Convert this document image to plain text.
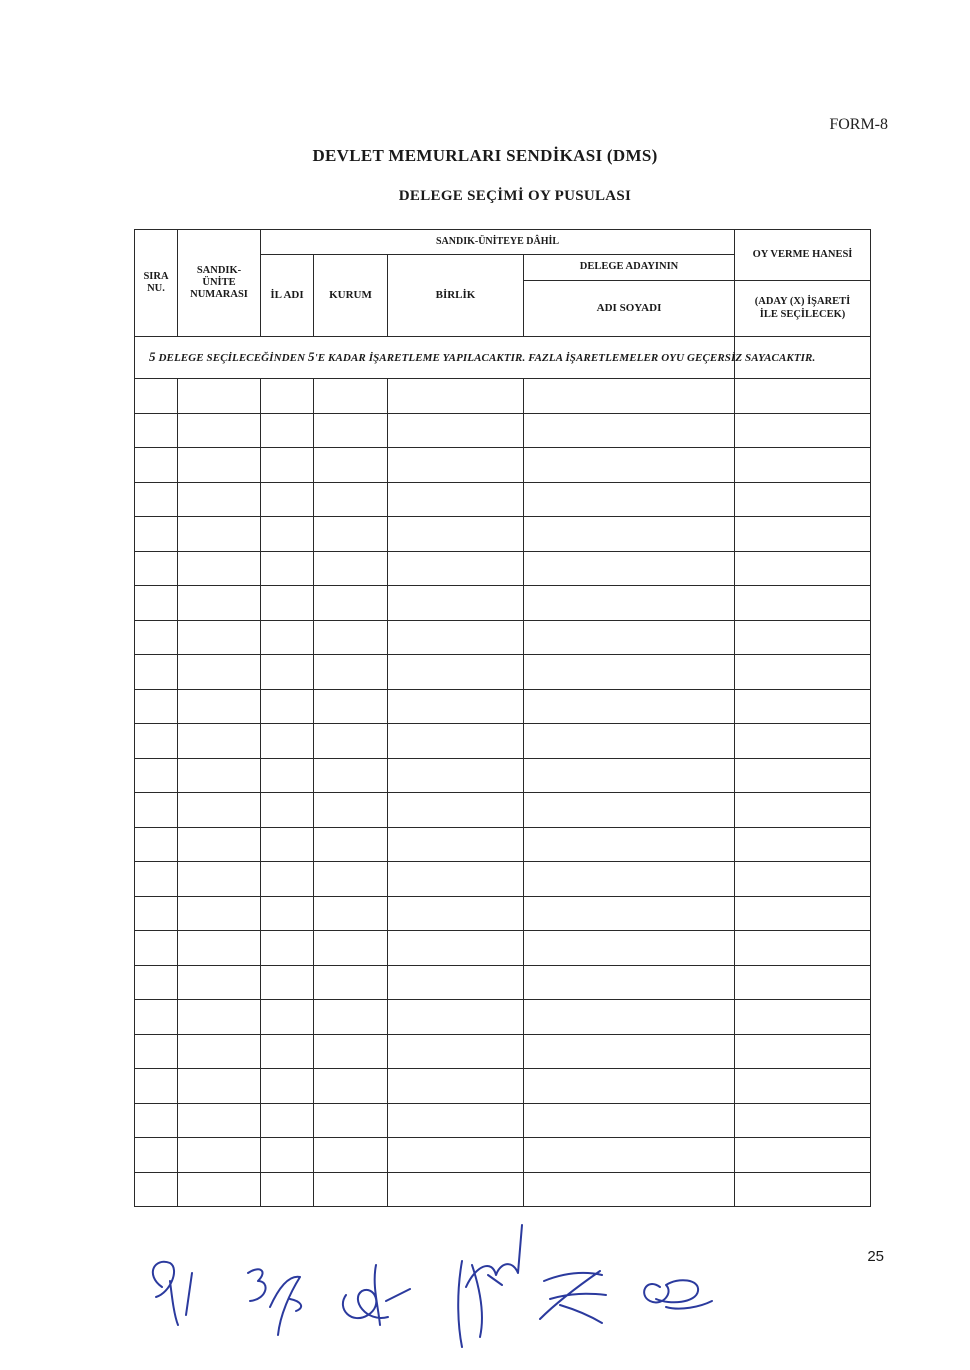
FORM-8
DEVLET MEMURLARI SENDİKASI (DMS)
DELEGE SEÇİMİ OY PUSULASI
SIRA NU.	SANDIK-ÜNİTE NUMARASI	SANDIK-ÜNİTEYE DÂHİL				OY VERME HANESİ
		İL ADI	KURUM	BİRLİK	DELEGE ADAYININ	
					ADI SOYADI	(ADAY (X) İŞARETİ İLE SEÇİLECEK)
5 DELEGE SEÇİLECEĞİNDEN 5'E KADAR İŞARETLEME YAPILACAKTIR. FAZLA İŞARETLEMELER OYU GEÇERSİZ SAYACAKTIR.						

25
